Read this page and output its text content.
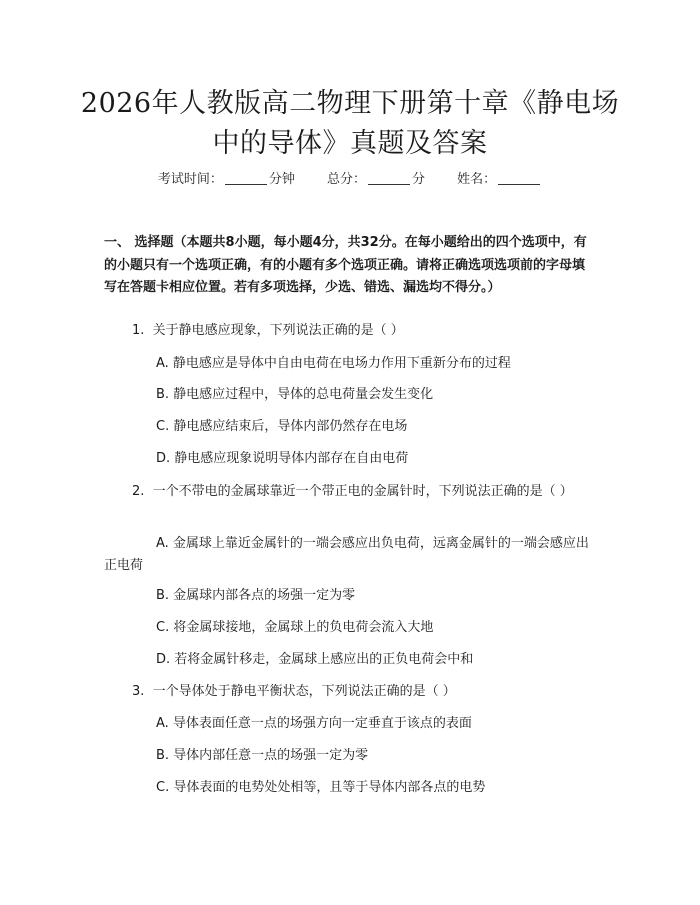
2026年人教版高二物理下册第十章《静电场中的导体》真题及答案
考试时间：	分钟 总分：	分 姓名：
一、 选择题（本题共8小题，每小题4分，共32分。在每小题给出的四个选项中，有的小题只有一个选项正确，有的小题有多个选项正确。请将正确选项选项前的字母填写在答题卡相应位置。若有多项选择，少选、错选、漏选均不得分。）
1. 关于静电感应现象，下列说法正确的是（ ）
A. 静电感应是导体中自由电荷在电场力作用下重新分布的过程
B. 静电感应过程中，导体的总电荷量会发生变化
C. 静电感应结束后，导体内部仍然存在电场
D. 静电感应现象说明导体内部存在自由电荷
2. 一个不带电的金属球靠近一个带正电的金属针时，下列说法正确的是（ ）
A. 金属球上靠近金属针的一端会感应出负电荷，远离金属针的一端会感应出正电荷
B. 金属球内部各点的场强一定为零
C. 将金属球接地，金属球上的负电荷会流入大地
D. 若将金属针移走，金属球上感应出的正负电荷会中和
3. 一个导体处于静电平衡状态，下列说法正确的是（ ）
A. 导体表面任意一点的场强方向一定垂直于该点的表面
B. 导体内部任意一点的场强一定为零
C. 导体表面的电势处处相等，且等于导体内部各点的电势
